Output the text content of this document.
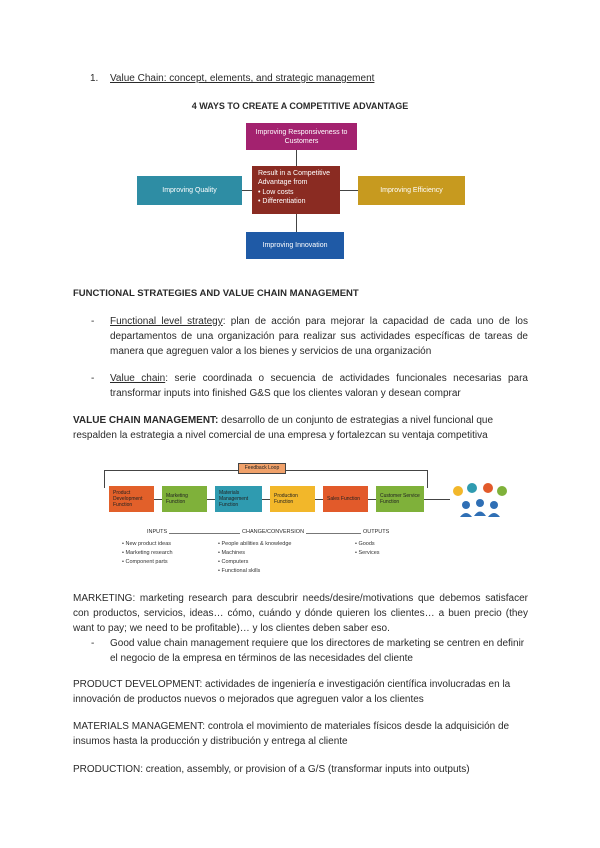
1. Value Chain: concept, elements, and strategic management
4 WAYS TO CREATE A COMPETITIVE ADVANTAGE
Improving Responsiveness to Customers
Improving Quality	Improving Efficiency
Improving Innovation
Result in a Competitive Advantage from
• Low costs
• Differentiation
FUNCTIONAL STRATEGIES AND VALUE CHAIN MANAGEMENT
- Functional level strategy: plan de acción para mejorar la capacidad de cada uno de los departamentos de una organización para realizar sus actividades específicas de tareas de manera que agreguen valor a los bienes y servicios de una organización
- Value chain: serie coordinada o secuencia de actividades funcionales necesarias para transformar inputs into finished G&S que los clientes valoran y desean comprar
VALUE CHAIN MANAGEMENT: desarrollo de un conjunto de estrategias a nivel funcional que respalden la estrategia a nivel comercial de una empresa y fortalezcan su ventaja competitiva
Feedback Loop
Product Development Function
Marketing Function
Materials Management Function
Production Function	Sales Function	Customer Service Function
INPUTS	CHANGE/CONVERSION	OUTPUTS
• New product ideas
• Marketing research
• Component parts
• People abilities & knowledge
• Machines
• Computers
• Functional skills
• Goods
• Services
MARKETING: marketing research para descubrir needs/desire/motivations que debemos satisfacer con productos, servicios, ideas… cómo, cuándo y dónde quieren los clientes… a buen precio (they want to pay; we need to be profitable)… y los clientes deben saber eso.
- Good value chain management requiere que los directores de marketing se centren en definir el negocio de la empresa en términos de las necesidades del cliente
PRODUCT DEVELOPMENT: actividades de ingeniería e investigación científica involucradas en la innovación de productos nuevos o mejorados que agreguen valor a los clientes
MATERIALS MANAGEMENT: controla el movimiento de materiales físicos desde la adquisición de insumos hasta la producción y distribución y entrega al cliente
PRODUCTION: creation, assembly, or provision of a G/S (transformar inputs into outputs)
